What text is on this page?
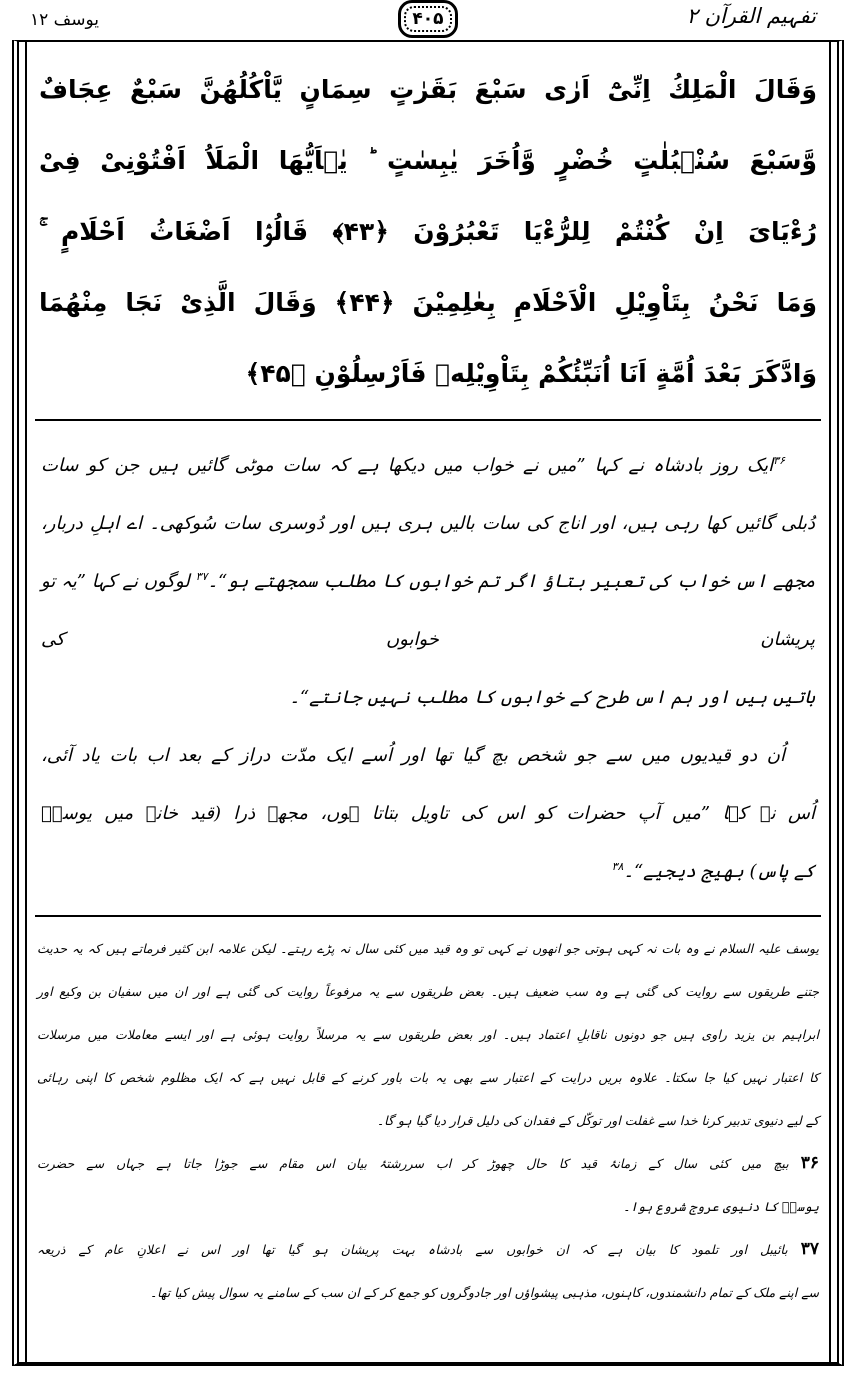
یوسف ۱۲	۴۰۵	تفہیم القرآن ۲
وَقَالَ الْمَلِكُ اِنِّیْٓ اَرٰی سَبْعَ بَقَرٰتٍ سِمَانٍ یَّاْكُلُهُنَّ سَبْعٌ عِجَافٌ
وَّسَبْعَ سُنْۢبُلٰتٍ خُضْرٍ وَّاُخَرَ یٰبِسٰتٍ ؕ یٰۤاَیُّهَا الْمَلَاُ اَفْتُوْنِیْ فِیْ
رُءْیَایَ اِنْ كُنْتُمْ لِلرُّءْیَا تَعْبُرُوْنَ ﴿۴۳﴾ قَالُوْۤا اَضْغَاثُ اَحْلَامٍ ۚ
وَمَا نَحْنُ بِتَاْوِیْلِ الْاَحْلَامِ بِعٰلِمِیْنَ ﴿۴۴﴾ وَقَالَ الَّذِیْ نَجَا مِنْهُمَا
وَادَّكَرَ بَعْدَ اُمَّةٍ اَنَا اُنَبِّئُكُمْ بِتَاْوِیْلِهٖ فَاَرْسِلُوْنِ ﴿۴۵﴾
$^{۳۶}$ایک روز بادشاہ نے کہا ”میں نے خواب میں دیکھا ہے کہ سات موٹی گائیں ہیں جن کو سات
دُبلی گائیں کھا رہی ہیں، اور اناج کی سات بالیں ہری ہیں اور دُوسری سات سُوکھی۔ اے اہلِ دربار،
مجھے اس خواب کی تعبیر بتاؤ اگر تم خوابوں کا مطلب سمجھتے ہو“۔$^{۳۷}$ لوگوں نے کہا ”یہ تو پریشان خوابوں کی
باتیں ہیں اور ہم اس طرح کے خوابوں کا مطلب نہیں جانتے“۔
اُن دو قیدیوں میں سے جو شخص بچ گیا تھا اور اُسے ایک مدّت دراز کے بعد اب بات یاد آئی،
اُس نے کہا ”میں آپ حضرات کو اس کی تاویل بتاتا ہوں، مجھے ذرا (قید خانے میں یوسفؑ
کے پاس) بھیج دیجیے“۔$^{۳۸}$
یوسف علیہ السلام نے وہ بات نہ کہی ہوتی جو انھوں نے کہی تو وہ قید میں کئی سال نہ پڑے رہتے۔ لیکن علامہ ابن کثیر فرماتے ہیں کہ یہ حدیث
جتنے طریقوں سے روایت کی گئی ہے وہ سب ضعیف ہیں۔ بعض طریقوں سے یہ مرفوعاً روایت کی گئی ہے اور ان میں سفیان بن وکیع اور
ابراہیم بن یزید راوی ہیں جو دونوں ناقابلِ اعتماد ہیں۔ اور بعض طریقوں سے یہ مرسلاً روایت ہوئی ہے اور ایسے معاملات میں مرسلات
کا اعتبار نہیں کیا جا سکتا۔ علاوہ بریں درایت کے اعتبار سے بھی یہ بات باور کرنے کے قابل نہیں ہے کہ ایک مظلوم شخص کا اپنی رہائی
کے لیے دنیوی تدبیر کرنا خدا سے غفلت اور توکّل کے فقدان کی دلیل قرار دیا گیا ہو گا۔
۳۶ بیچ میں کئی سال کے زمانۂ قید کا حال چھوڑ کر اب سررشتۂ بیان اس مقام سے جوڑا جاتا ہے جہاں سے حضرت
یوسفؑ کا دنیوی عروج شروع ہوا۔
۳۷ بائیبل اور تلمود کا بیان ہے کہ ان خوابوں سے بادشاہ بہت پریشان ہو گیا تھا اور اس نے اعلانِ عام کے ذریعہ
سے اپنے ملک کے تمام دانشمندوں، کاہنوں، مذہبی پیشواؤں اور جادوگروں کو جمع کر کے ان سب کے سامنے یہ سوال پیش کیا تھا۔
